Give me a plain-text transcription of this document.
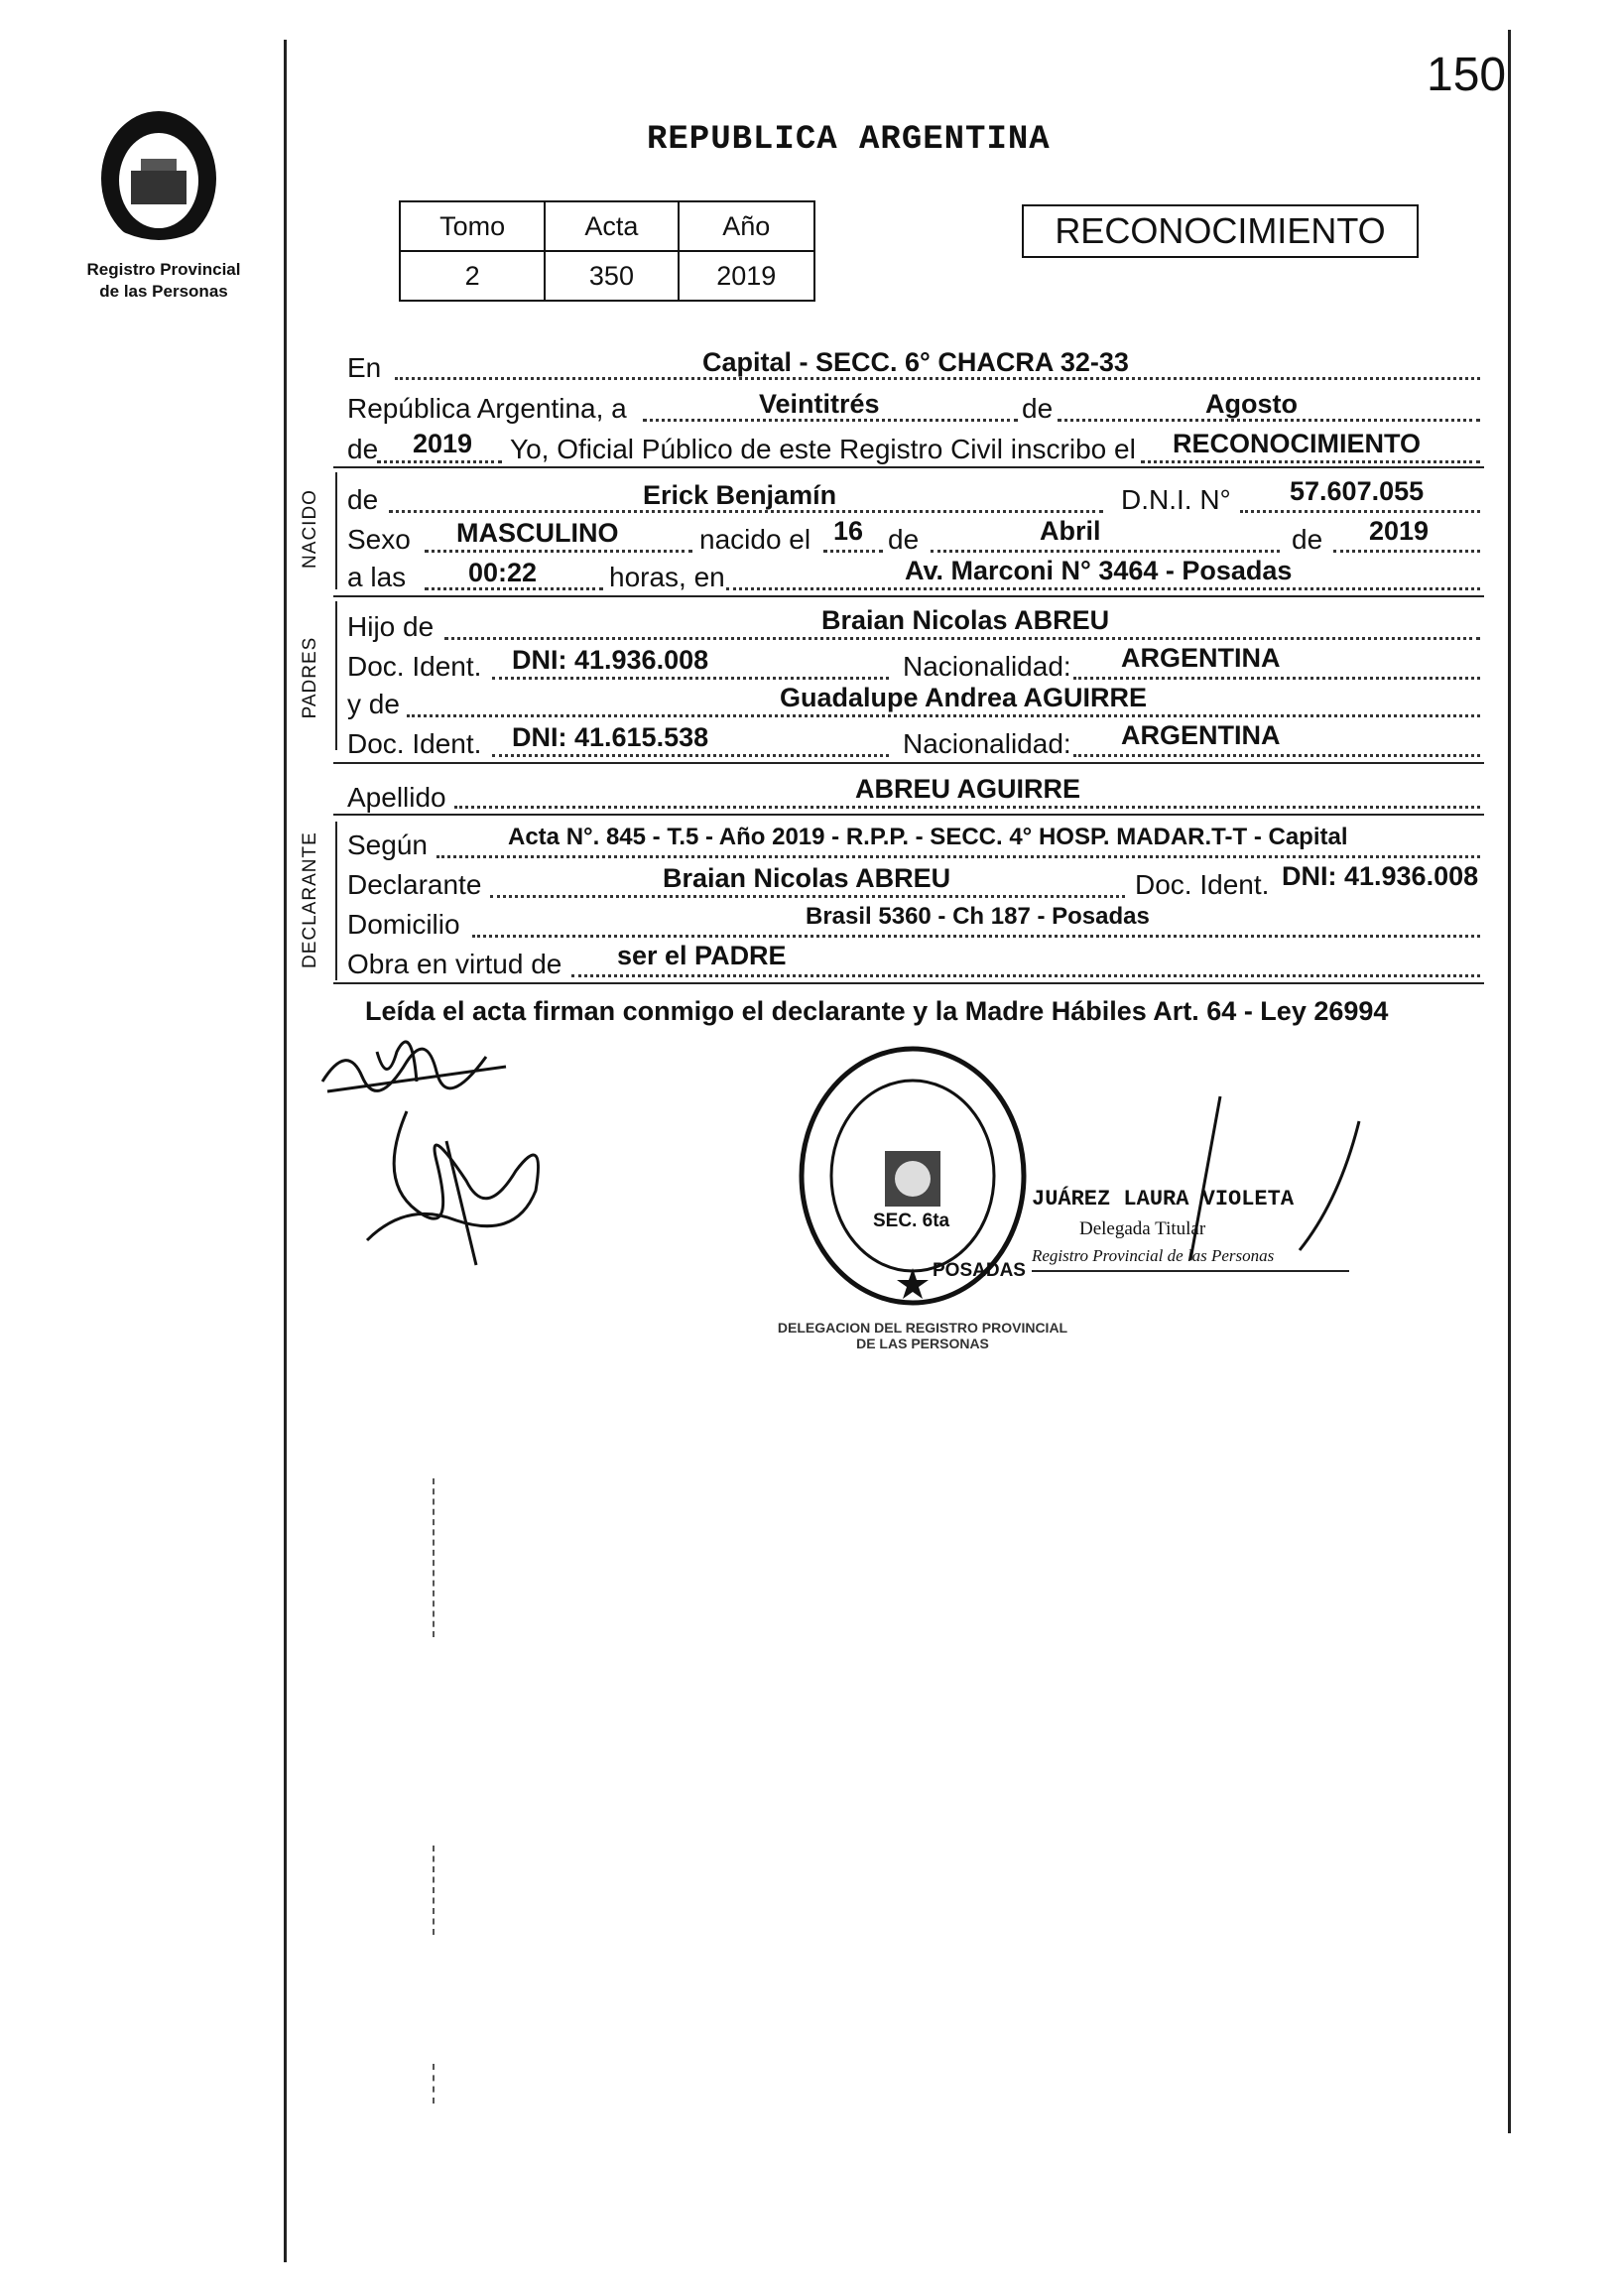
150
Registro Provincial
de las Personas
PROVINCIA DE MISIONES
REPUBLICA ARGENTINA
Tomo	Acta	Año
2	350	2019
RECONOCIMIENTO
En	Capital - SECC. 6° CHACRA 32-33
República Argentina, a	Veintitrés	de	Agosto
de 2019 Yo, Oficial Público de este Registro Civil inscribo el RECONOCIMIENTO
NACIDO de	Erick Benjamín	D.N.I. N° 57.607.055
Sexo MASCULINO	nacido el 16 de	Abril	de 2019
a las 00:22	horas, en	Av. Marconi N° 3464 - Posadas
PADRES
Hijo de	Braian Nicolas ABREU
Doc. Ident. DNI: 41.936.008	Nacionalidad: ARGENTINA
y de	Guadalupe Andrea AGUIRRE
Doc. Ident. DNI: 41.615.538	Nacionalidad: ARGENTINA
Apellido	ABREU AGUIRRE
DECLARANTE Según	Acta N°. 845 - T.5 - Año 2019 - R.P.P. - SECC. 4° HOSP. MADAR.T-T - Capital
Declarante	Braian Nicolas ABREU	Doc. Ident. DNI: 41.936.008
Domicilio	Brasil 5360 - Ch 187 - Posadas
Obra en virtud de ser el PADRE
Leída el acta firman conmigo el declarante y la Madre Hábiles Art. 64 - Ley 26994
DELEGACION DEL REGISTRO PROVINCIAL DE LAS PERSONAS
SEC. 6ta
POSADAS
JUÁREZ LAURA VIOLETA
Delegada Titular
Registro Provincial de las Personas
